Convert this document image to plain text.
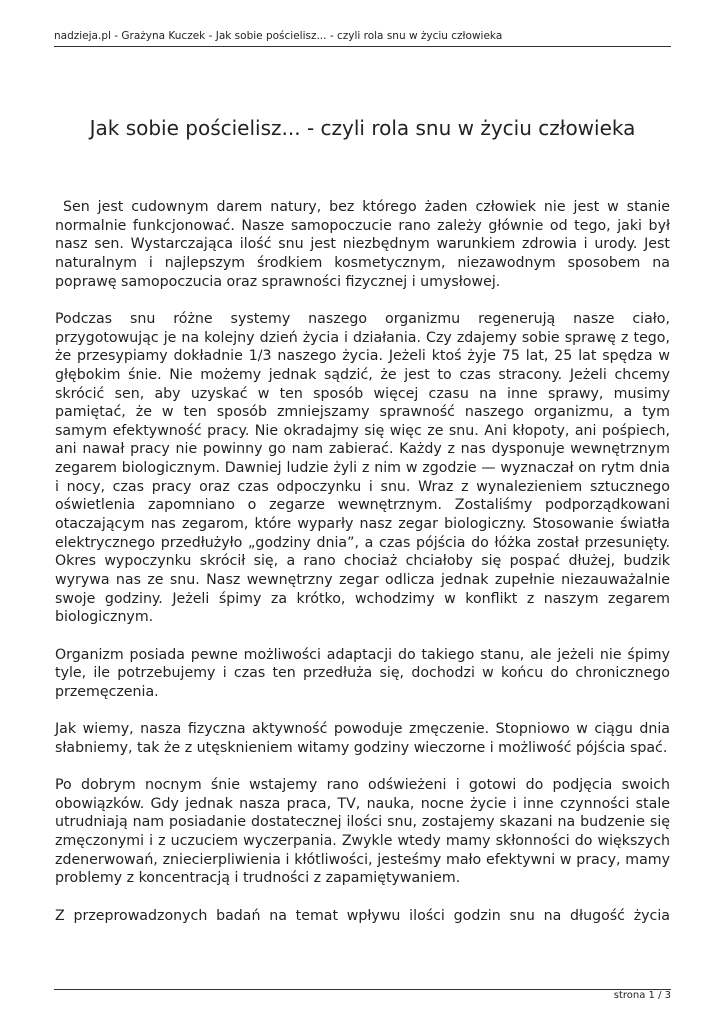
nadzieja.pl - Grażyna Kuczek - Jak sobie pościelisz... - czyli rola snu w życiu człowieka
Jak sobie pościelisz... - czyli rola snu w życiu człowieka

Sen jest cudownym darem natury, bez którego żaden człowiek nie jest w stanie normalnie funkcjonować. Nasze samopoczucie rano zależy głównie od tego, jaki był nasz sen. Wystarczająca ilość snu jest niezbędnym warunkiem zdrowia i urody. Jest naturalnym i najlepszym środkiem kosmetycznym, niezawodnym sposobem na poprawę samopoczucia oraz sprawności fizycznej i umysłowej.

Podczas snu różne systemy naszego organizmu regenerują nasze ciało, przygotowując je na kolejny dzień życia i działania. Czy zdajemy sobie sprawę z tego, że przesypiamy dokładnie 1/3 naszego życia. Jeżeli ktoś żyje 75 lat, 25 lat spędza w głębokim śnie. Nie możemy jednak sądzić, że jest to czas stracony. Jeżeli chcemy skrócić sen, aby uzyskać w ten sposób więcej czasu na inne sprawy, musimy pamiętać, że w ten sposób zmniejszamy sprawność naszego organizmu, a tym samym efektywność pracy. Nie okradajmy się więc ze snu. Ani kłopoty, ani pośpiech, ani nawał pracy nie powinny go nam zabierać. Każdy z nas dysponuje wewnętrznym zegarem biologicznym. Dawniej ludzie żyli z nim w zgodzie — wyznaczał on rytm dnia i nocy, czas pracy oraz czas odpoczynku i snu. Wraz z wynalezieniem sztucznego oświetlenia zapomniano o zegarze wewnętrznym. Zostaliśmy podporządkowani otaczającym nas zegarom, które wyparły nasz zegar biologiczny. Stosowanie światła elektrycznego przedłużyło „godziny dnia”, a czas pójścia do łóżka został przesunięty. Okres wypoczynku skrócił się, a rano chociaż chciałoby się pospać dłużej, budzik wyrywa nas ze snu. Nasz wewnętrzny zegar odlicza jednak zupełnie niezauważalnie swoje godziny. Jeżeli śpimy za krótko, wchodzimy w konflikt z naszym zegarem biologicznym.

Organizm posiada pewne możliwości adaptacji do takiego stanu, ale jeżeli nie śpimy tyle, ile potrzebujemy i czas ten przedłuża się, dochodzi w końcu do chronicznego przemęczenia.

Jak wiemy, nasza fizyczna aktywność powoduje zmęczenie. Stopniowo w ciągu dnia słabniemy, tak że z utęsknieniem witamy godziny wieczorne i możliwość pójścia spać.

Po dobrym nocnym śnie wstajemy rano odświeżeni i gotowi do podjęcia swoich obowiązków. Gdy jednak nasza praca, TV, nauka, nocne życie i inne czynności stale utrudniają nam posiadanie dostatecznej ilości snu, zostajemy skazani na budzenie się zmęczonymi i z uczuciem wyczerpania. Zwykle wtedy mamy skłonności do większych zdenerwowań, zniecierpliwienia i kłótliwości, jesteśmy mało efektywni w pracy, mamy problemy z koncentracją i trudności z zapamiętywaniem.

Z przeprowadzonych badań na temat wpływu ilości godzin snu na długość życia

strona 1 / 3
